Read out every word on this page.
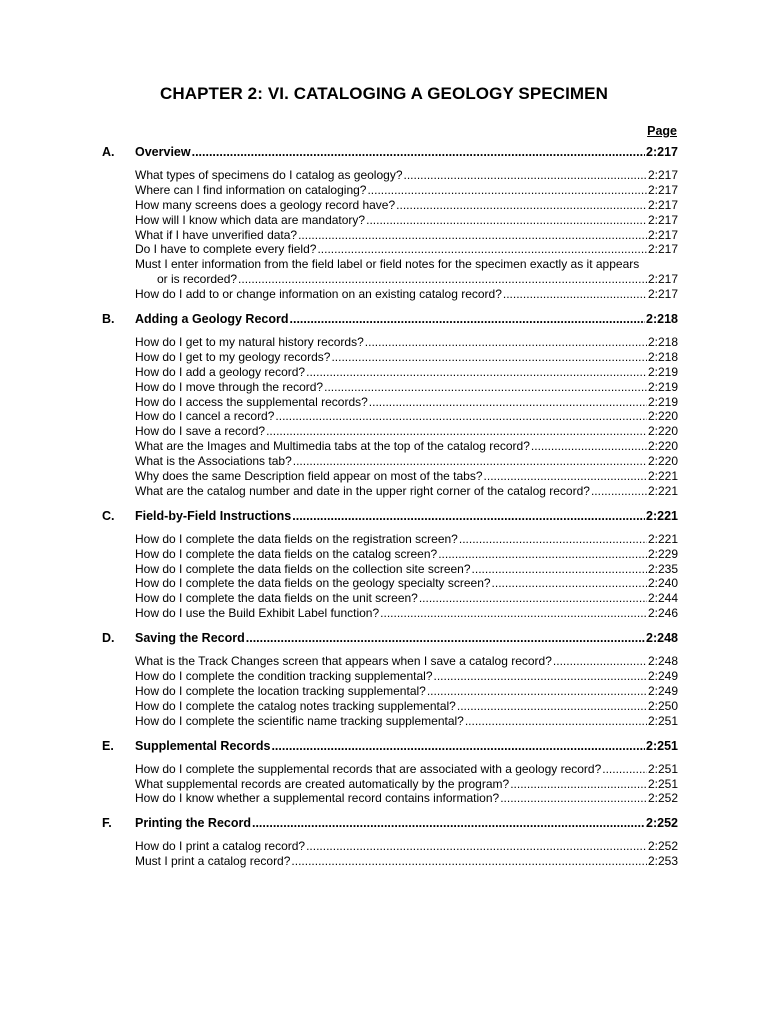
CHAPTER 2: VI. CATALOGING A GEOLOGY SPECIMEN
Page
A.	Overview .....	2:217
What types of specimens do I catalog as geology? .....	2:217
Where can I find information on cataloging? .....	2:217
How many screens does a geology record have? .....	2:217
How will I know which data are mandatory? .....	2:217
What if I have unverified data? .....	2:217
Do I have to complete every field? .....	2:217
Must I enter information from the field label or field notes for the specimen exactly as it appears
or is recorded? .....	2:217
How do I add to or change information on an existing catalog record? .....	2:217
B.	Adding a Geology Record .....	2:218
How do I get to my natural history records? .....	2:218
How do I get to my geology records? .....	2:218
How do I add a geology record? .....	2:219
How do I move through the record? .....	2:219
How do I access the supplemental records? .....	2:219
How do I cancel a record? .....	2:220
How do I save a record? .....	2:220
What are the Images and Multimedia tabs at the top of the catalog record? .....	2:220
What is the Associations tab? .....	2:220
Why does the same Description field appear on most of the tabs? .....	2:221
What are the catalog number and date in the upper right corner of the catalog record? .....	2:221
C.	Field-by-Field Instructions .....	2:221
How do I complete the data fields on the registration screen? .....	2:221
How do I complete the data fields on the catalog screen? .....	2:229
How do I complete the data fields on the collection site screen? .....	2:235
How do I complete the data fields on the geology specialty screen? .....	2:240
How do I complete the data fields on the unit screen? .....	2:244
How do I use the Build Exhibit Label function? .....	2:246
D.	Saving the Record .....	2:248
What is the Track Changes screen that appears when I save a catalog record? .....	2:248
How do I complete the condition tracking supplemental? .....	2:249
How do I complete the location tracking supplemental? .....	2:249
How do I complete the catalog notes tracking supplemental? .....	2:250
How do I complete the scientific name tracking supplemental? .....	2:251
E.	Supplemental Records .....	2:251
How do I complete the supplemental records that are associated with a geology record? .....	2:251
What supplemental records are created automatically by the program? .....	2:251
How do I know whether a supplemental record contains information? .....	2:252
F.	Printing the Record .....	2:252
How do I print a catalog record? .....	2:252
Must I print a catalog record? .....	2:253
